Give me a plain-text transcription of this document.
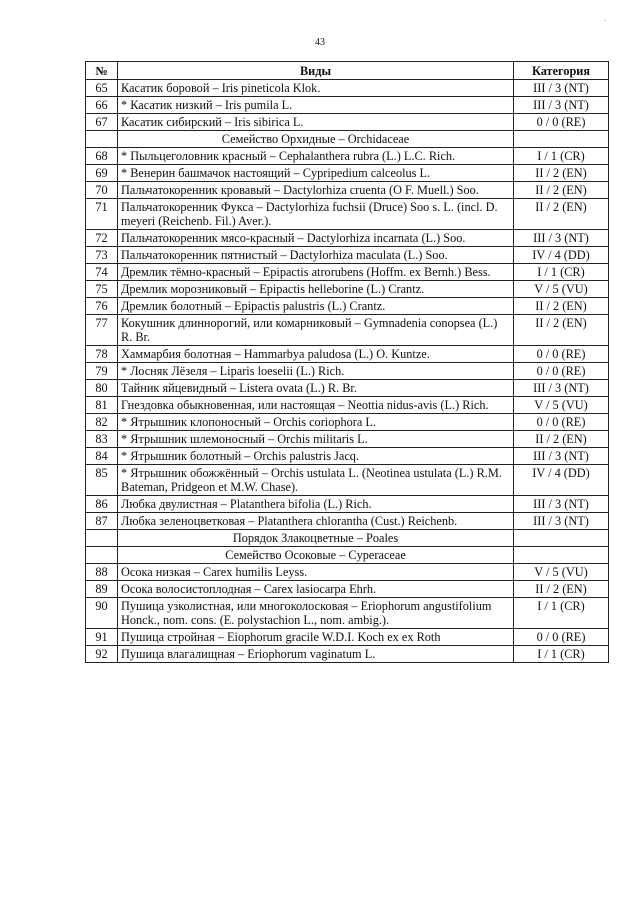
43
.
№	Виды	Категория
65	Касатик боровой – Iris pineticola Klok.	III / 3 (NT)
66	* Касатик низкий – Iris pumila L.	III / 3 (NT)
67	Касатик сибирский – Iris sibirica L.	0 / 0 (RE)
	Семейство Орхидные – Orchidaceae	
68	* Пыльцеголовник красный – Cephalanthera rubra (L.) L.C. Rich.	I / 1 (CR)
69	* Венерин башмачок настоящий – Cypripedium calceolus L.	II / 2 (EN)
70	Пальчатокоренник кровавый – Dactylorhiza cruenta (O F. Muell.) Soo.	II / 2 (EN)
71	Пальчатокоренник Фукса – Dactylorhiza fuchsii (Druce) Soo s. L. (incl. D. meyeri (Reichenb. Fil.) Aver.).	II / 2 (EN)
72	Пальчатокоренник мясо-красный – Dactylorhiza incarnata (L.) Soo.	III / 3 (NT)
73	Пальчатокоренник пятнистый – Dactylorhiza maculata (L.) Soo.	IV / 4 (DD)
74	Дремлик тёмно-красный – Epipactis atrorubens (Hoffm. ex Bernh.) Bess.	I / 1 (CR)
75	Дремлик морозниковый – Epipactis helleborine (L.) Crantz.	V / 5 (VU)
76	Дремлик болотный – Epipactis palustris (L.) Crantz.	II / 2 (EN)
77	Кокушник длиннорогий, или комарниковый – Gymnadenia conopsea (L.) R. Br.	II / 2 (EN)
78	Хаммарбия болотная – Hammarbya paludosa (L.) O. Kuntze.	0 / 0 (RE)
79	* Лосняк Лёзеля – Liparis loeselii (L.) Rich.	0 / 0 (RE)
80	Тайник яйцевидный – Listera ovata (L.) R. Br.	III / 3 (NT)
81	Гнездовка обыкновенная, или настоящая – Neottia nidus-avis (L.) Rich.	V / 5 (VU)
82	* Ятрышник клопоносный – Orchis coriophora L.	0 / 0 (RE)
83	* Ятрышник шлемоносный – Orchis militaris L.	II / 2 (EN)
84	* Ятрышник болотный – Orchis palustris Jacq.	III / 3 (NT)
85	* Ятрышник обожжённый – Orchis ustulata L. (Neotinea ustulata (L.) R.M. Bateman, Pridgeon et M.W. Chase).	IV / 4 (DD)
86	Любка двулистная – Platanthera bifolia (L.) Rich.	III / 3 (NT)
87	Любка зеленоцветковая – Platanthera chlorantha (Cust.) Reichenb.	III / 3 (NT)
	Порядок Злакоцветные – Poales	
	Семейство Осоковые – Cyperaceae	
88	Осока низкая – Carex humilis Leyss.	V / 5 (VU)
89	Осока волосистоплодная – Carex lasiocarpa Ehrh.	II / 2 (EN)
90	Пушица узколистная, или многоколосковая – Eriophorum angustifolium Honck., nom. cons. (E. polystachion L., nom. ambig.).	I / 1 (CR)
91	Пушица стройная – Eiophorum gracile W.D.I. Koch ex ex Roth	0 / 0 (RE)
92	Пушица влагалищная – Eriophorum vaginatum L.	I / 1 (CR)
